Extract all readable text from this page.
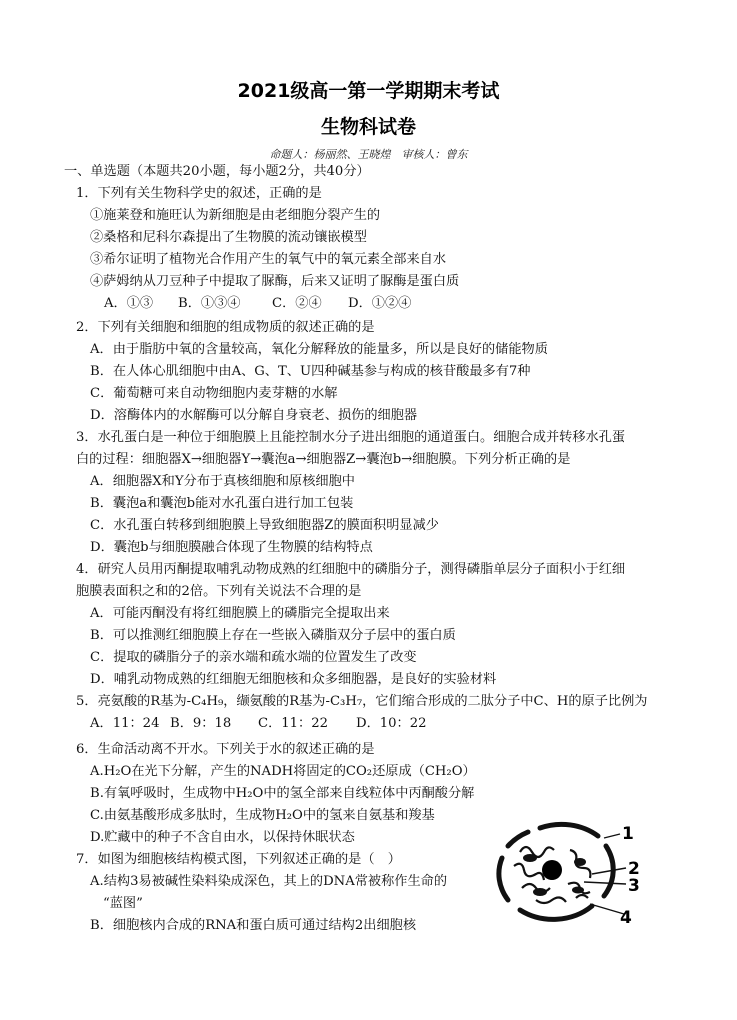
2021级高一第一学期期末考试
生物科试卷
命题人：杨丽然、王晓煌　审核人：曾东
一、单选题（本题共20小题，每小题2分，共40分）
1．下列有关生物科学史的叙述，正确的是
①施莱登和施旺认为新细胞是由老细胞分裂产生的
②桑格和尼科尔森提出了生物膜的流动镶嵌模型
③希尔证明了植物光合作用产生的氧气中的氧元素全部来自水
④萨姆纳从刀豆种子中提取了脲酶，后来又证明了脲酶是蛋白质
A．①③ B．①③④ C．②④ D．①②④
2．下列有关细胞和细胞的组成物质的叙述正确的是
A．由于脂肪中氧的含量较高，氧化分解释放的能量多，所以是良好的储能物质
B．在人体心肌细胞中由A、G、T、U四种碱基参与构成的核苷酸最多有7种
C．葡萄糖可来自动物细胞内麦芽糖的水解
D．溶酶体内的水解酶可以分解自身衰老、损伤的细胞器
3．水孔蛋白是一种位于细胞膜上且能控制水分子进出细胞的通道蛋白。细胞合成并转移水孔蛋
白的过程：细胞器X→细胞器Y→囊泡a→细胞器Z→囊泡b→细胞膜。下列分析正确的是
A．细胞器X和Y分布于真核细胞和原核细胞中
B．囊泡a和囊泡b能对水孔蛋白进行加工包装
C．水孔蛋白转移到细胞膜上导致细胞器Z的膜面积明显减少
D．囊泡b与细胞膜融合体现了生物膜的结构特点
4．研究人员用丙酮提取哺乳动物成熟的红细胞中的磷脂分子，测得磷脂单层分子面积小于红细
胞膜表面积之和的2倍。下列有关说法不合理的是
A．可能丙酮没有将红细胞膜上的磷脂完全提取出来
B．可以推测红细胞膜上存在一些嵌入磷脂双分子层中的蛋白质
C．提取的磷脂分子的亲水端和疏水端的位置发生了改变
D．哺乳动物成熟的红细胞无细胞核和众多细胞器，是良好的实验材料
5．亮氨酸的R基为-C₄H₉，缬氨酸的R基为-C₃H₇，它们缩合形成的二肽分子中C、H的原子比例为
A．11：24 B．9：18 C．11：22 D．10：22
6．生命活动离不开水。下列关于水的叙述正确的是
A.H₂O在光下分解，产生的NADH将固定的CO₂还原成（CH₂O）
B.有氧呼吸时，生成物中H₂O中的氢全部来自线粒体中丙酮酸分解
C.由氨基酸形成多肽时，生成物H₂O中的氢来自氨基和羧基
D.贮藏中的种子不含自由水，以保持休眠状态
7．如图为细胞核结构模式图，下列叙述正确的是（　）
A.结构3易被碱性染料染成深色，其上的DNA常被称作生命的
“蓝图”
B．细胞核内合成的RNA和蛋白质可通过结构2出细胞核
1
2
3
4
